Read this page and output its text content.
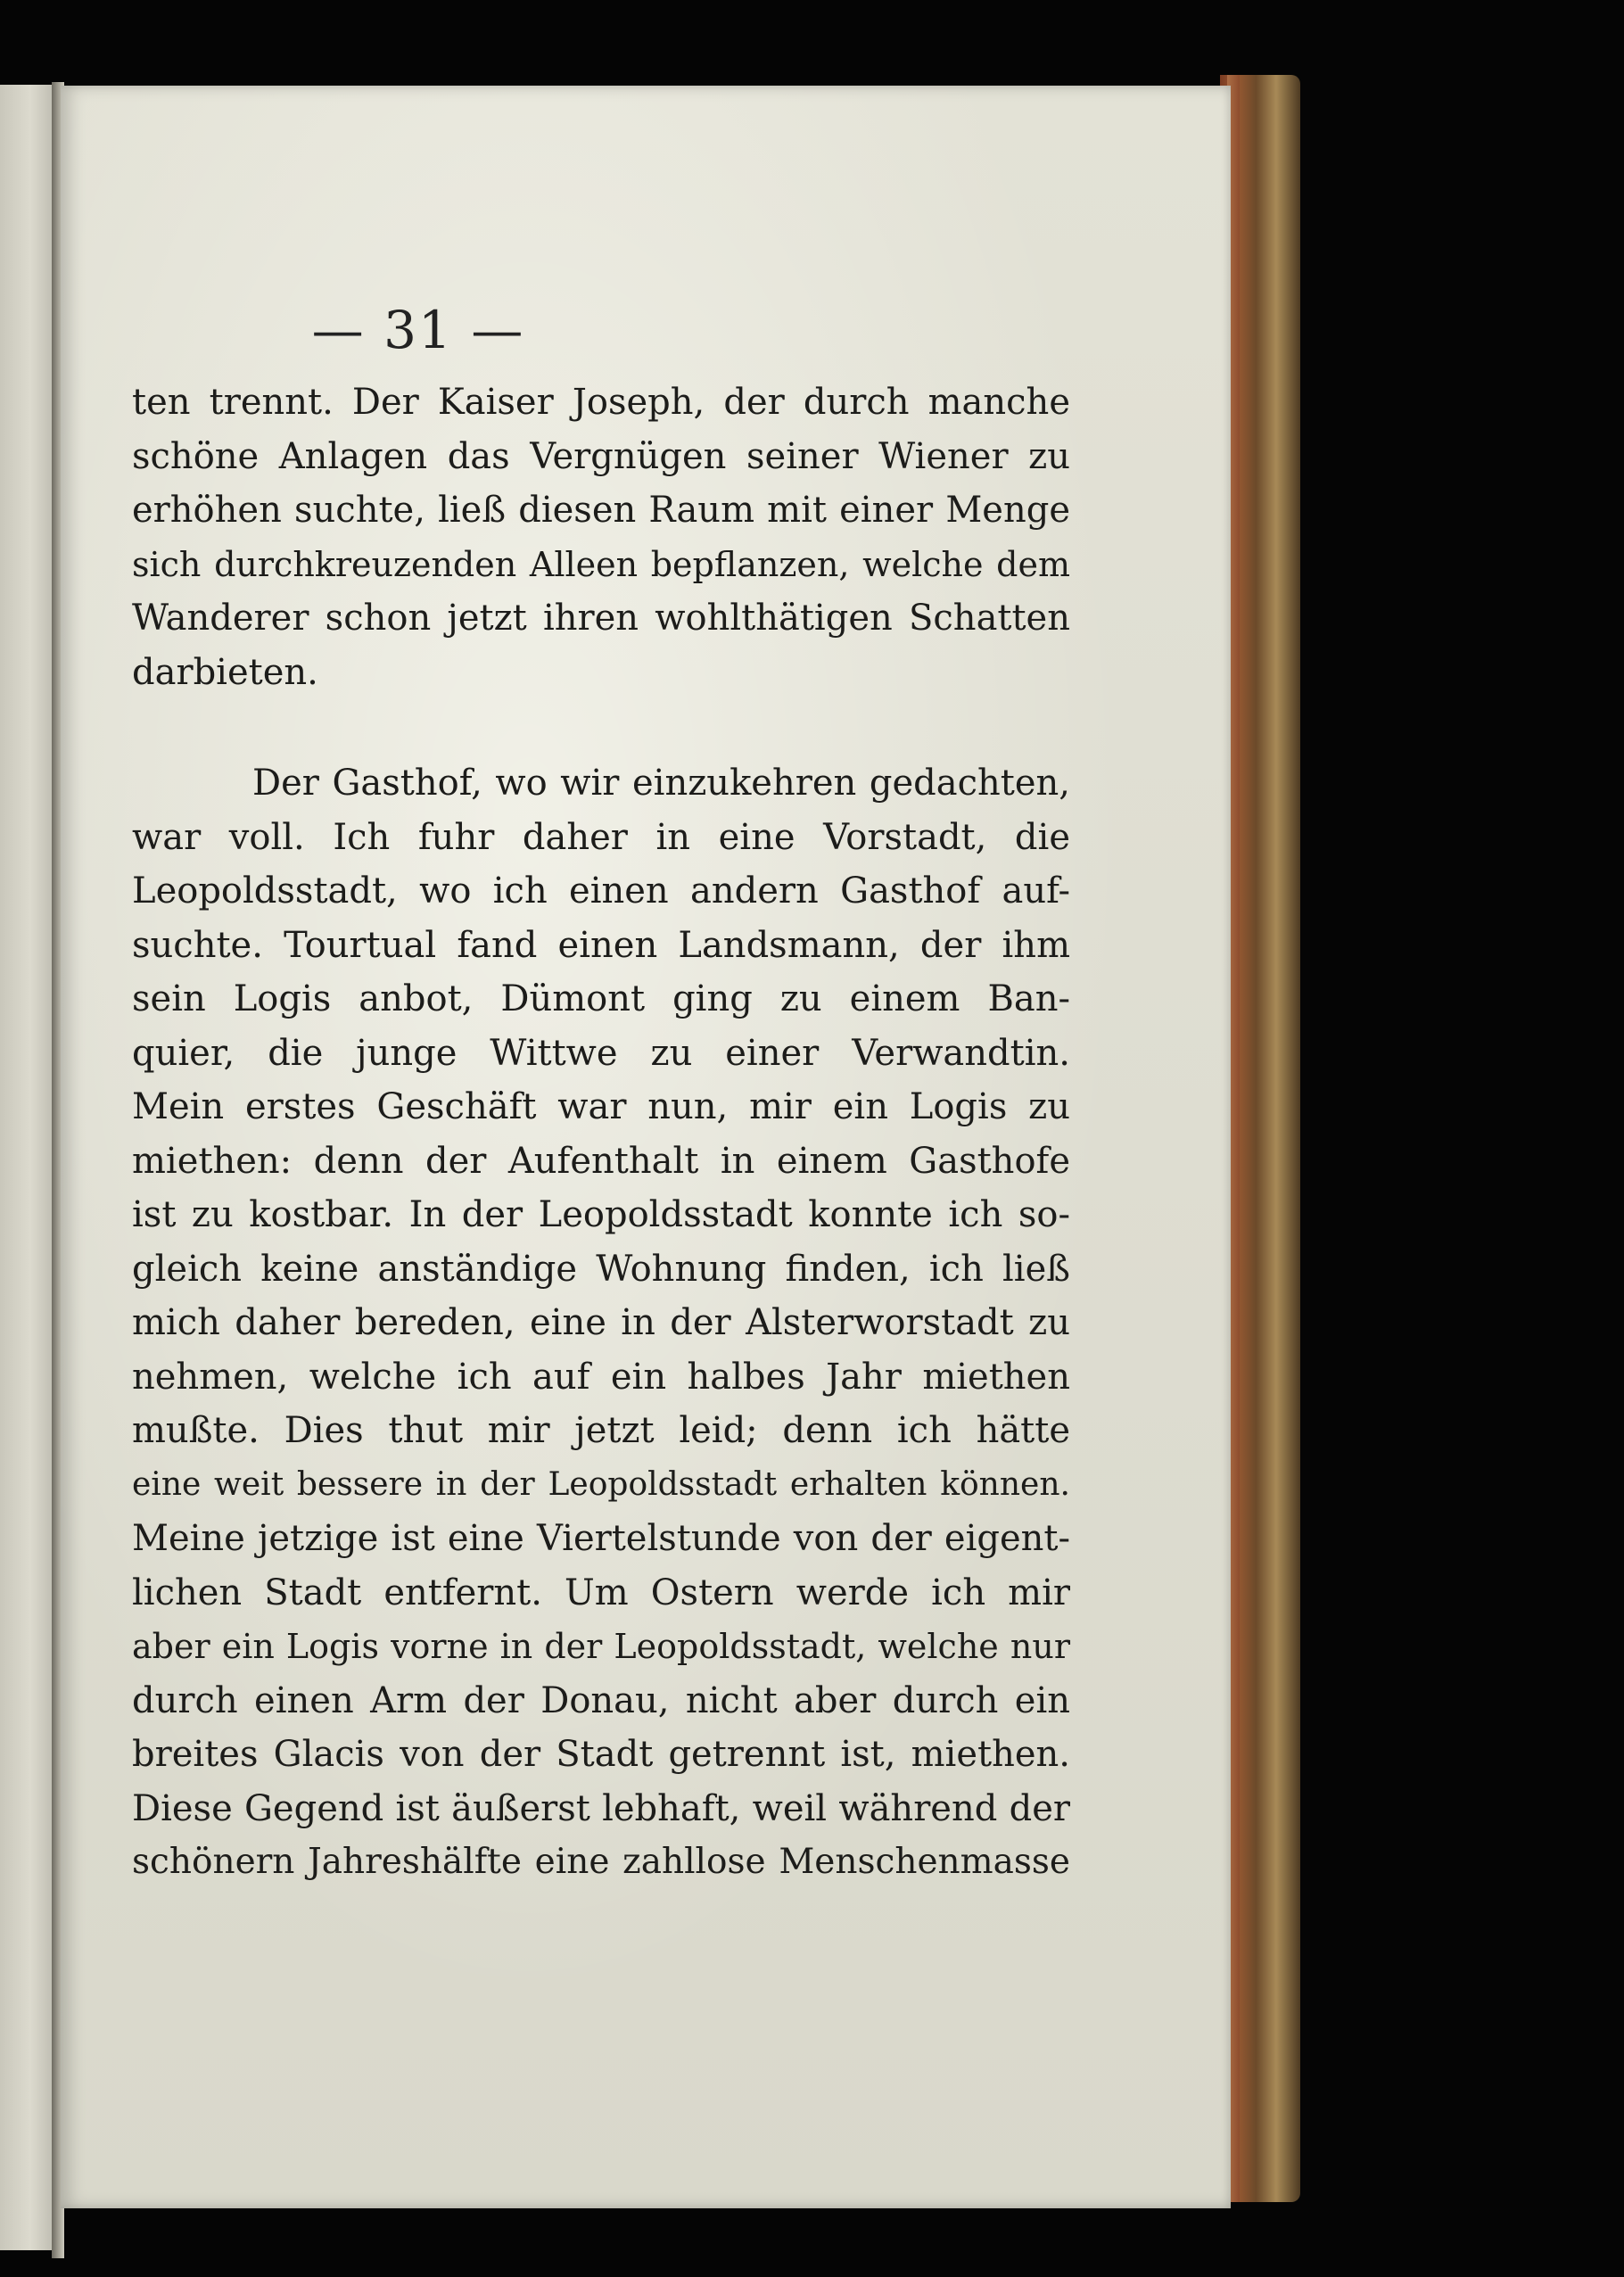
— 31 —
ten trennt. Der Kaiser Joseph, der durch manche
schöne Anlagen das Vergnügen seiner Wiener zu
erhöhen suchte, ließ diesen Raum mit einer Menge
sich durchkreuzenden Alleen bepflanzen, welche dem
Wanderer schon jetzt ihren wohlthätigen Schatten
darbieten.
Der Gasthof, wo wir einzukehren gedachten,
war voll. Ich fuhr daher in eine Vorstadt, die
Leopoldsstadt, wo ich einen andern Gasthof auf-
suchte. Tourtual fand einen Landsmann, der ihm
sein Logis anbot, Dümont ging zu einem Ban-
quier, die junge Wittwe zu einer Verwandtin.
Mein erstes Geschäft war nun, mir ein Logis zu
miethen: denn der Aufenthalt in einem Gasthofe
ist zu kostbar. In der Leopoldsstadt konnte ich so-
gleich keine anständige Wohnung finden, ich ließ
mich daher bereden, eine in der Alsterworstadt zu
nehmen, welche ich auf ein halbes Jahr miethen
mußte. Dies thut mir jetzt leid; denn ich hätte
eine weit bessere in der Leopoldsstadt erhalten können.
Meine jetzige ist eine Viertelstunde von der eigent-
lichen Stadt entfernt. Um Ostern werde ich mir
aber ein Logis vorne in der Leopoldsstadt, welche nur
durch einen Arm der Donau, nicht aber durch ein
breites Glacis von der Stadt getrennt ist, miethen.
Diese Gegend ist äußerst lebhaft, weil während der
schönern Jahreshälfte eine zahllose Menschenmasse
